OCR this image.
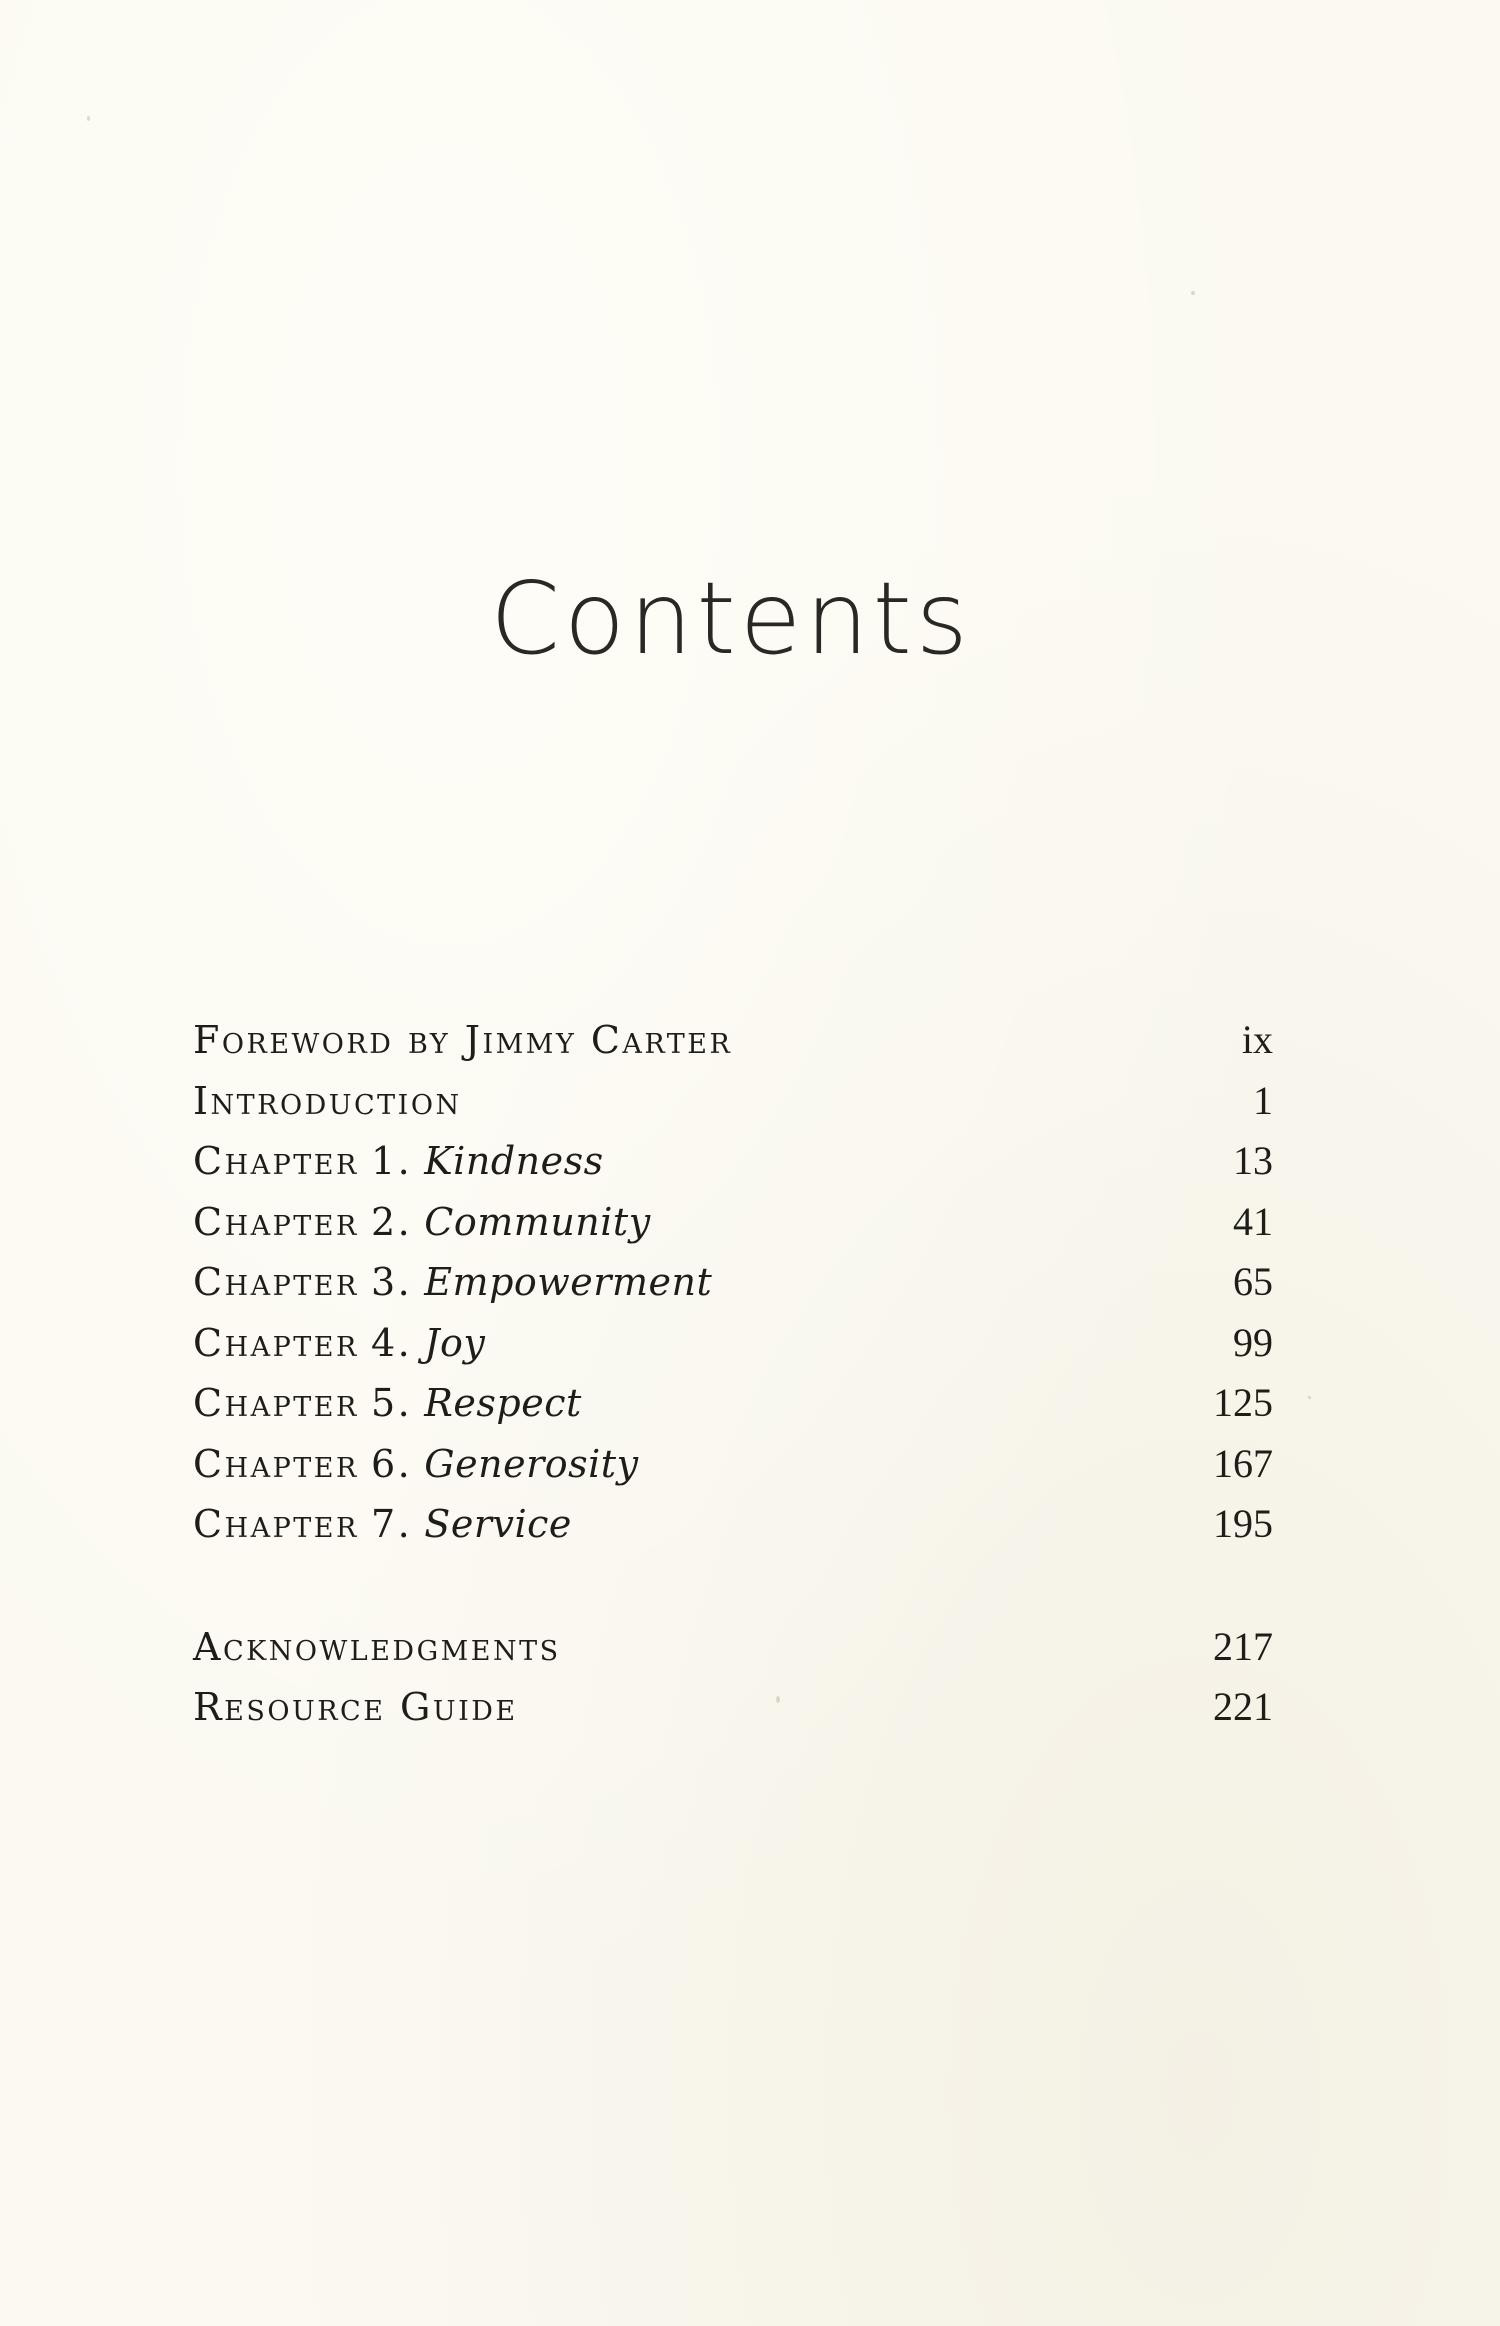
Contents
Foreword by Jimmy Carter	ix
Introduction	1
Chapter 1. Kindness	13
Chapter 2. Community	41
Chapter 3. Empowerment	65
Chapter 4. Joy	99
Chapter 5. Respect	125
Chapter 6. Generosity	167
Chapter 7. Service	195
Acknowledgments	217
Resource Guide	221
